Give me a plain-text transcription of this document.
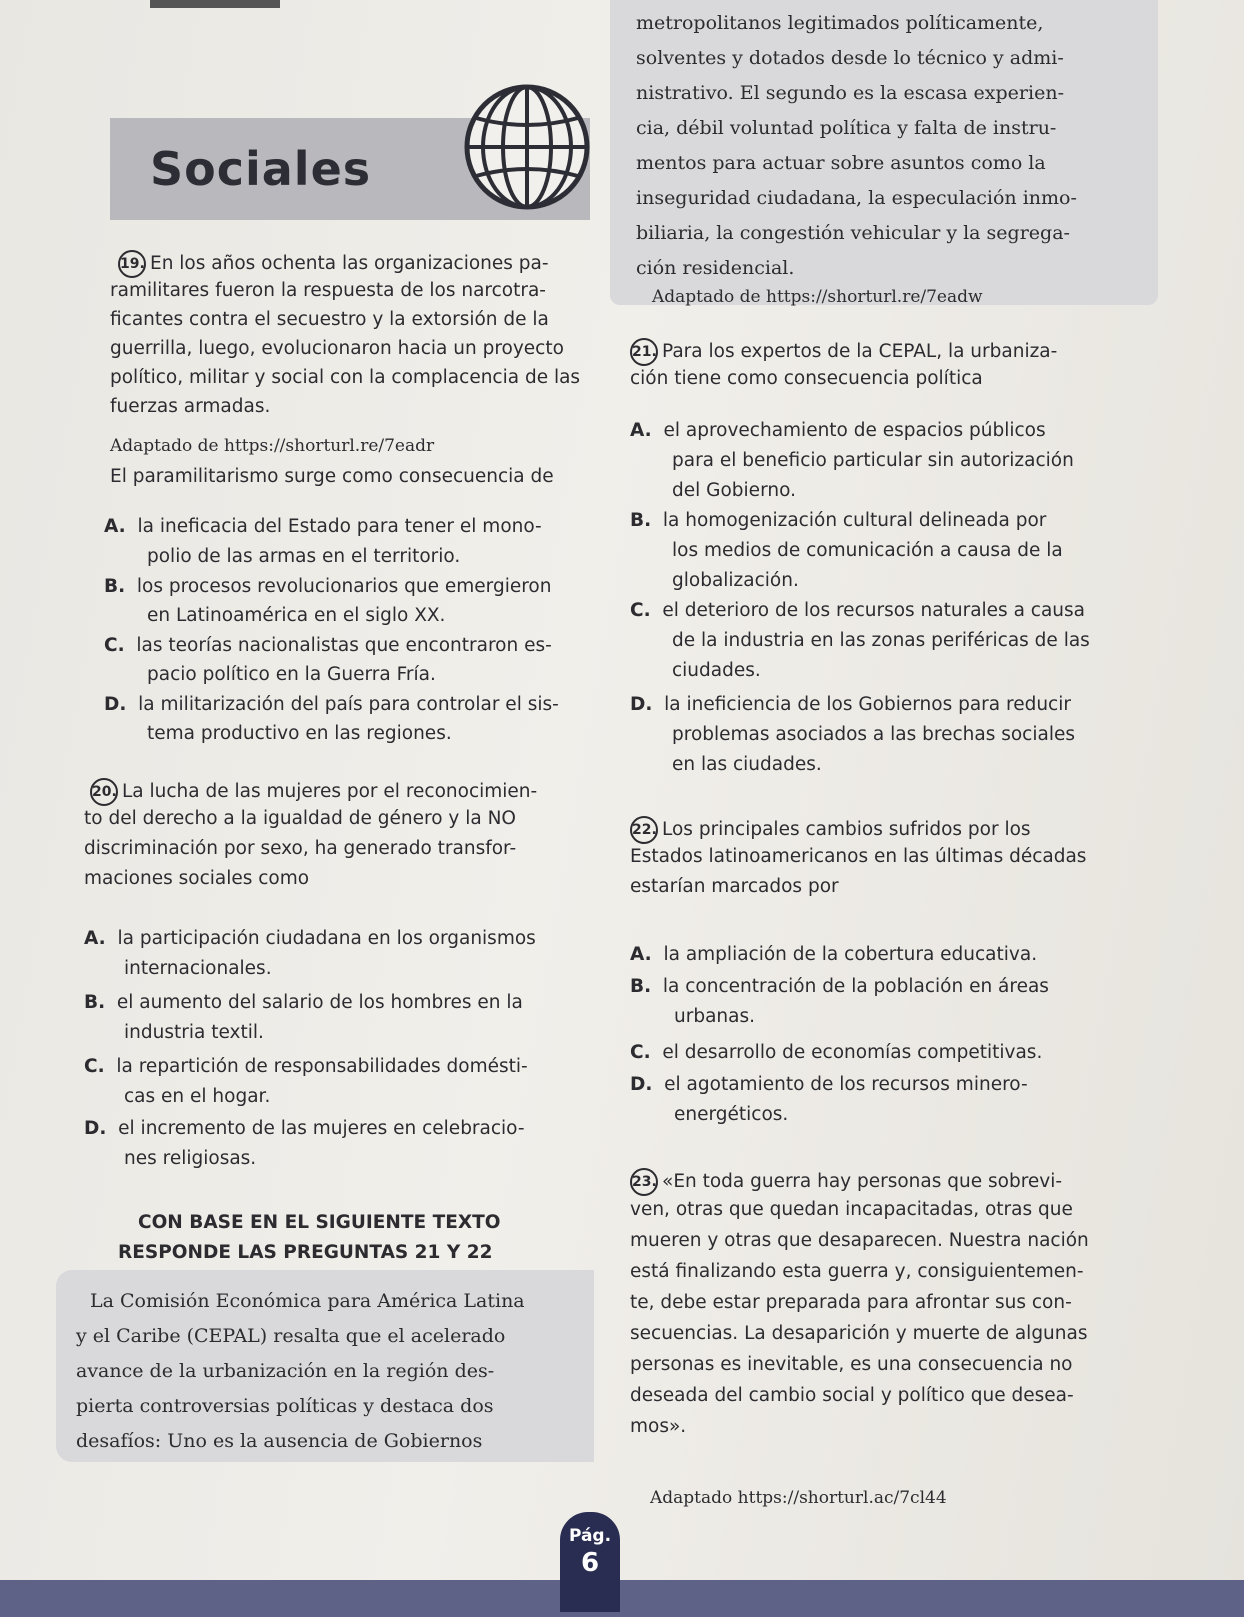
metropolitanos legitimados políticamente,
solventes y dotados desde lo técnico y admi-
nistrativo. El segundo es la escasa experien-
cia, débil voluntad política y falta de instru-
mentos para actuar sobre asuntos como la
inseguridad ciudadana, la especulación inmo-
biliaria, la congestión vehicular y la segrega-
ción residencial.
Adaptado de https://shorturl.re/7eadw
Sociales
19. En los años ochenta las organizaciones pa-
ramilitares fueron la respuesta de los narcotra-
ficantes contra el secuestro y la extorsión de la
guerrilla, luego, evolucionaron hacia un proyecto
político, militar y social con la complacencia de las
fuerzas armadas.
Adaptado de https://shorturl.re/7eadr
El paramilitarismo surge como consecuencia de
A. la ineficacia del Estado para tener el mono-
polio de las armas en el territorio.
B. los procesos revolucionarios que emergieron
en Latinoamérica en el siglo XX.
C. las teorías nacionalistas que encontraron es-
pacio político en la Guerra Fría.
D. la militarización del país para controlar el sis-
tema productivo en las regiones.
20. La lucha de las mujeres por el reconocimien-
to del derecho a la igualdad de género y la NO
discriminación por sexo, ha generado transfor-
maciones sociales como
A. la participación ciudadana en los organismos
internacionales.
B. el aumento del salario de los hombres en la
industria textil.
C. la repartición de responsabilidades domésti-
cas en el hogar.
D. el incremento de las mujeres en celebracio-
nes religiosas.
CON BASE EN EL SIGUIENTE TEXTO
RESPONDE LAS PREGUNTAS 21 Y 22
La Comisión Económica para América Latina
y el Caribe (CEPAL) resalta que el acelerado
avance de la urbanización en la región des-
pierta controversias políticas y destaca dos
desafíos: Uno es la ausencia de Gobiernos
21. Para los expertos de la CEPAL, la urbaniza-
ción tiene como consecuencia política
A. el aprovechamiento de espacios públicos
para el beneficio particular sin autorización
del Gobierno.
B. la homogenización cultural delineada por
los medios de comunicación a causa de la
globalización.
C. el deterioro de los recursos naturales a causa
de la industria en las zonas periféricas de las
ciudades.
D. la ineficiencia de los Gobiernos para reducir
problemas asociados a las brechas sociales
en las ciudades.
22. Los principales cambios sufridos por los
Estados latinoamericanos en las últimas décadas
estarían marcados por
A. la ampliación de la cobertura educativa.
B. la concentración de la población en áreas
urbanas.
C. el desarrollo de economías competitivas.
D. el agotamiento de los recursos minero-
energéticos.
23. «En toda guerra hay personas que sobrevi-
ven, otras que quedan incapacitadas, otras que
mueren y otras que desaparecen. Nuestra nación
está finalizando esta guerra y, consiguientemen-
te, debe estar preparada para afrontar sus con-
secuencias. La desaparición y muerte de algunas
personas es inevitable, es una consecuencia no
deseada del cambio social y político que desea-
mos».
Adaptado https://shorturl.ac/7cl44
Pág.
6
